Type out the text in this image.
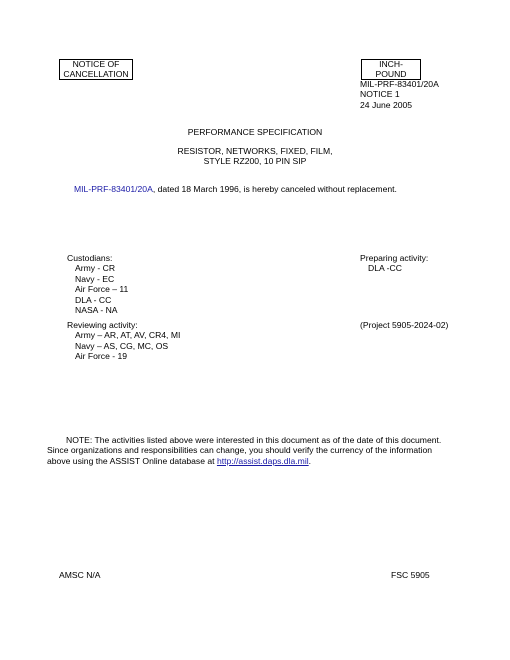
NOTICE OF
CANCELLATION
INCH-POUND
MIL-PRF-83401/20A
NOTICE 1
24 June 2005
PERFORMANCE SPECIFICATION
RESISTOR, NETWORKS, FIXED, FILM,
STYLE RZ200, 10 PIN SIP
MIL-PRF-83401/20A, dated 18 March 1996, is hereby canceled without replacement.
Custodians:
Army - CR
Navy - EC
Air Force – 11
DLA - CC
NASA - NA
Preparing activity:
DLA -CC
Reviewing activity:
Army – AR, AT, AV, CR4, MI
Navy – AS, CG, MC, OS
Air Force - 19
(Project 5905-2024-02)

NOTE: The activities listed above were interested in this document as of the date of this document.

Since organizations and responsibilities can change, you should verify the currency of the information

above using the ASSIST Online database at http://assist.daps.dla.mil.

AMSC N/A	FSC 5905
